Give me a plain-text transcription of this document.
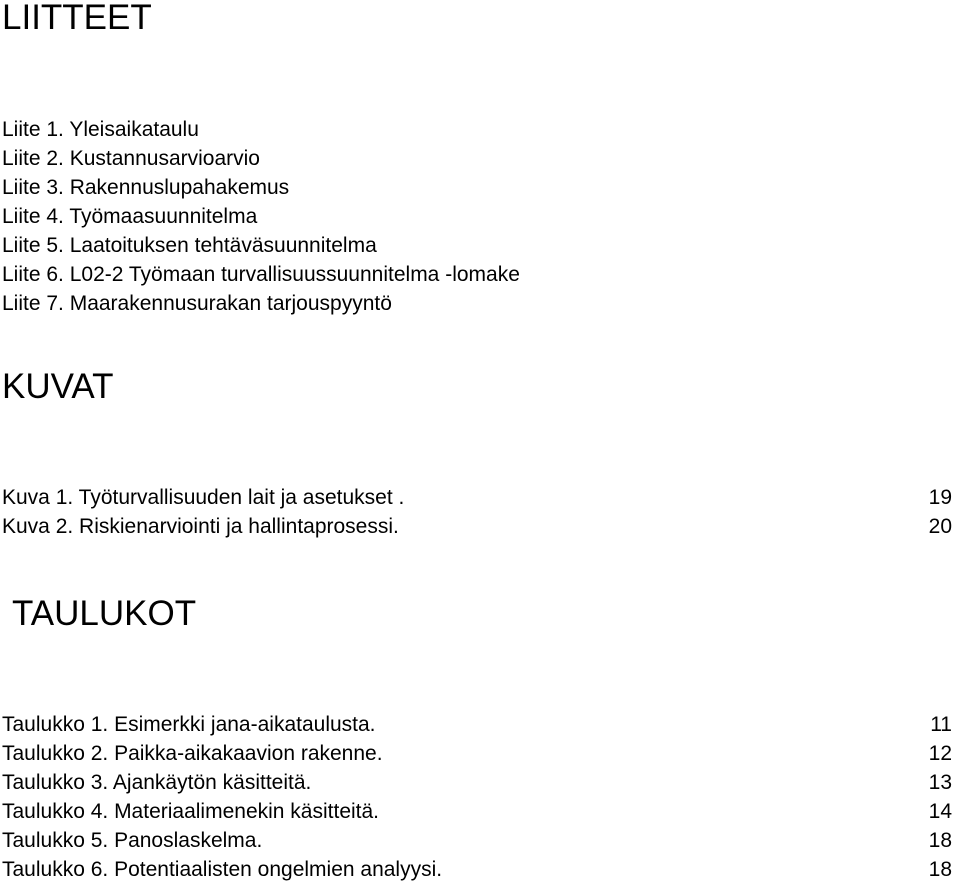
LIITTEET
Liite 1. Yleisaikataulu
Liite 2. Kustannusarvioarvio
Liite 3. Rakennuslupahakemus
Liite 4. Työmaasuunnitelma
Liite 5. Laatoituksen tehtäväsuunnitelma
Liite 6. L02-2 Työmaan turvallisuussuunnitelma -lomake
Liite 7. Maarakennusurakan tarjouspyyntö
KUVAT
Kuva 1. Työturvallisuuden lait ja asetukset .	19
Kuva 2. Riskienarviointi ja hallintaprosessi.	20
TAULUKOT
Taulukko 1. Esimerkki jana-aikataulusta.	11
Taulukko 2. Paikka-aikakaavion rakenne.	12
Taulukko 3. Ajankäytön käsitteitä.	13
Taulukko 4. Materiaalimenekin käsitteitä.	14
Taulukko 5. Panoslaskelma.	18
Taulukko 6. Potentiaalisten ongelmien analyysi.	18
